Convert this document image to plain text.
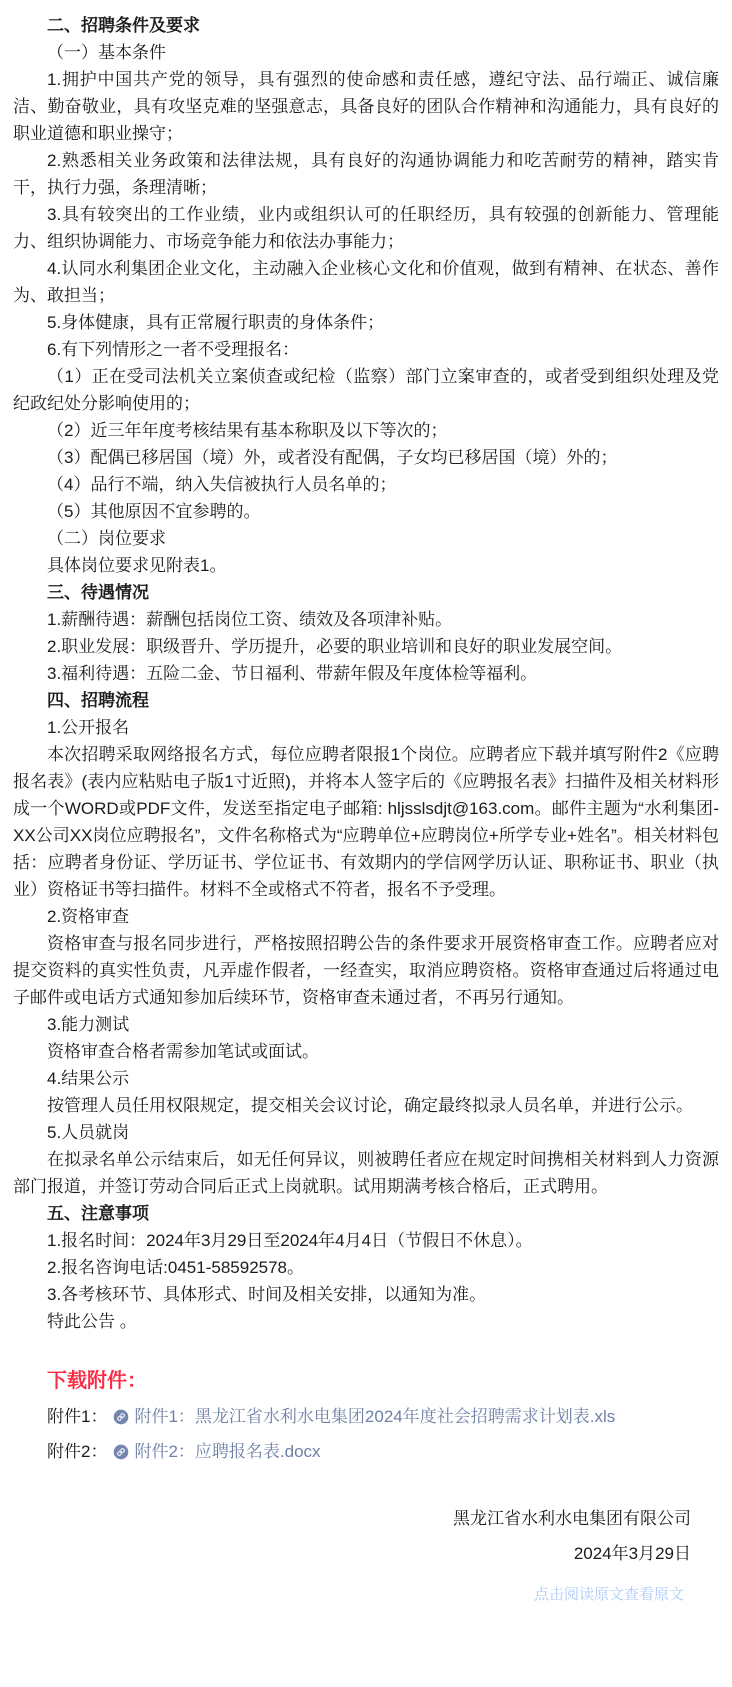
二、招聘条件及要求

（一）基本条件

1.拥护中国共产党的领导，具有强烈的使命感和责任感，遵纪守法、品行端正、诚信廉洁、勤奋敬业，具有攻坚克难的坚强意志，具备良好的团队合作精神和沟通能力，具有良好的职业道德和职业操守；

2.熟悉相关业务政策和法律法规，具有良好的沟通协调能力和吃苦耐劳的精神，踏实肯干，执行力强，条理清晰；

3.具有较突出的工作业绩，业内或组织认可的任职经历，具有较强的创新能力、管理能力、组织协调能力、市场竞争能力和依法办事能力；

4.认同水利集团企业文化，主动融入企业核心文化和价值观，做到有精神、在状态、善作为、敢担当；

5.身体健康，具有正常履行职责的身体条件；

6.有下列情形之一者不受理报名：

（1）正在受司法机关立案侦查或纪检（监察）部门立案审查的，或者受到组织处理及党纪政纪处分影响使用的；

（2）近三年年度考核结果有基本称职及以下等次的；

（3）配偶已移居国（境）外，或者没有配偶，子女均已移居国（境）外的；

（4）品行不端，纳入失信被执行人员名单的；

（5）其他原因不宜参聘的。

（二）岗位要求

具体岗位要求见附表1。

三、待遇情况

1.薪酬待遇：薪酬包括岗位工资、绩效及各项津补贴。

2.职业发展：职级晋升、学历提升，必要的职业培训和良好的职业发展空间。

3.福利待遇：五险二金、节日福利、带薪年假及年度体检等福利。

四、招聘流程

1.公开报名

本次招聘采取网络报名方式，每位应聘者限报1个岗位。应聘者应下载并填写附件2《应聘报名表》(表内应粘贴电子版1寸近照)，并将本人签字后的《应聘报名表》扫描件及相关材料形成一个WORD或PDF文件，发送至指定电子邮箱: hljsslsdjt@163.com。邮件主题为“水利集团-XX公司XX岗位应聘报名”，文件名称格式为“应聘单位+应聘岗位+所学专业+姓名”。相关材料包括：应聘者身份证、学历证书、学位证书、有效期内的学信网学历认证、职称证书、职业（执业）资格证书等扫描件。材料不全或格式不符者，报名不予受理。

2.资格审查

资格审查与报名同步进行，严格按照招聘公告的条件要求开展资格审查工作。应聘者应对提交资料的真实性负责，凡弄虚作假者，一经查实，取消应聘资格。资格审查通过后将通过电子邮件或电话方式通知参加后续环节，资格审查未通过者，不再另行通知。

3.能力测试

资格审查合格者需参加笔试或面试。

4.结果公示

按管理人员任用权限规定，提交相关会议讨论，确定最终拟录人员名单，并进行公示。

5.人员就岗

在拟录名单公示结束后，如无任何异议，则被聘任者应在规定时间携相关材料到人力资源部门报道，并签订劳动合同后正式上岗就职。试用期满考核合格后，正式聘用。

五、注意事项

1.报名时间：2024年3月29日至2024年4月4日（节假日不休息）。

2.报名咨询电话:0451-58592578。

3.各考核环节、具体形式、时间及相关安排，以通知为准。

特此公告 。

下载附件：
附件1： 附件1：黑龙江省水利水电集团2024年度社会招聘需求计划表.xls
附件2： 附件2：应聘报名表.docx
黑龙江省水利水电集团有限公司
2024年3月29日
点击阅读原文查看原文
